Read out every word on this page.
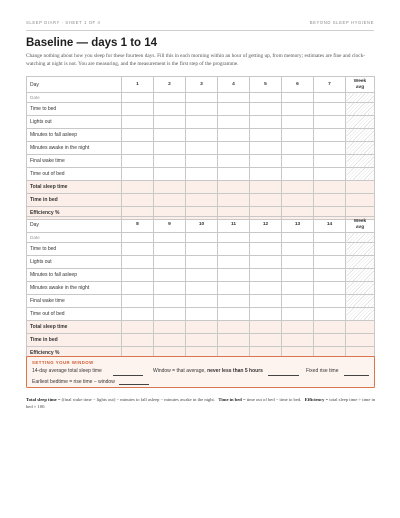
SLEEP DIARY · SHEET 1 OF 4	BEYOND SLEEP HYGIENE
Baseline — days 1 to 14
Change nothing about how you sleep for these fourteen days. Fill this in each morning within an hour of getting up, from memory; estimates are fine and clock-watching at night is not. You are measuring, and the measurement is the first step of the programme.
Day	1	2	3	4	5	6	7	Week
avg

Date								
Time to bed								
Lights out								
Minutes to fall asleep								
Minutes awake in the night								
Final wake time								
Time out of bed								
Total sleep time								
Time in bed								
Efficiency %								
Day	8	9	10	11	12	13	14	Week
avg

Date								
Time to bed								
Lights out								
Minutes to fall asleep								
Minutes awake in the night								
Final wake time								
Time out of bed								
Total sleep time								
Time in bed								
Efficiency %								
SETTING YOUR WINDOW
14-day average total sleep time	Window = that average, never less than 5 hours	Fixed rise time
Earliest bedtime = rise time − window
Total sleep time = (final wake time − lights out) − minutes to fall asleep − minutes awake in the night. Time in bed = time out of bed − time to bed. Efficiency = total sleep time ÷ time in bed × 100.
